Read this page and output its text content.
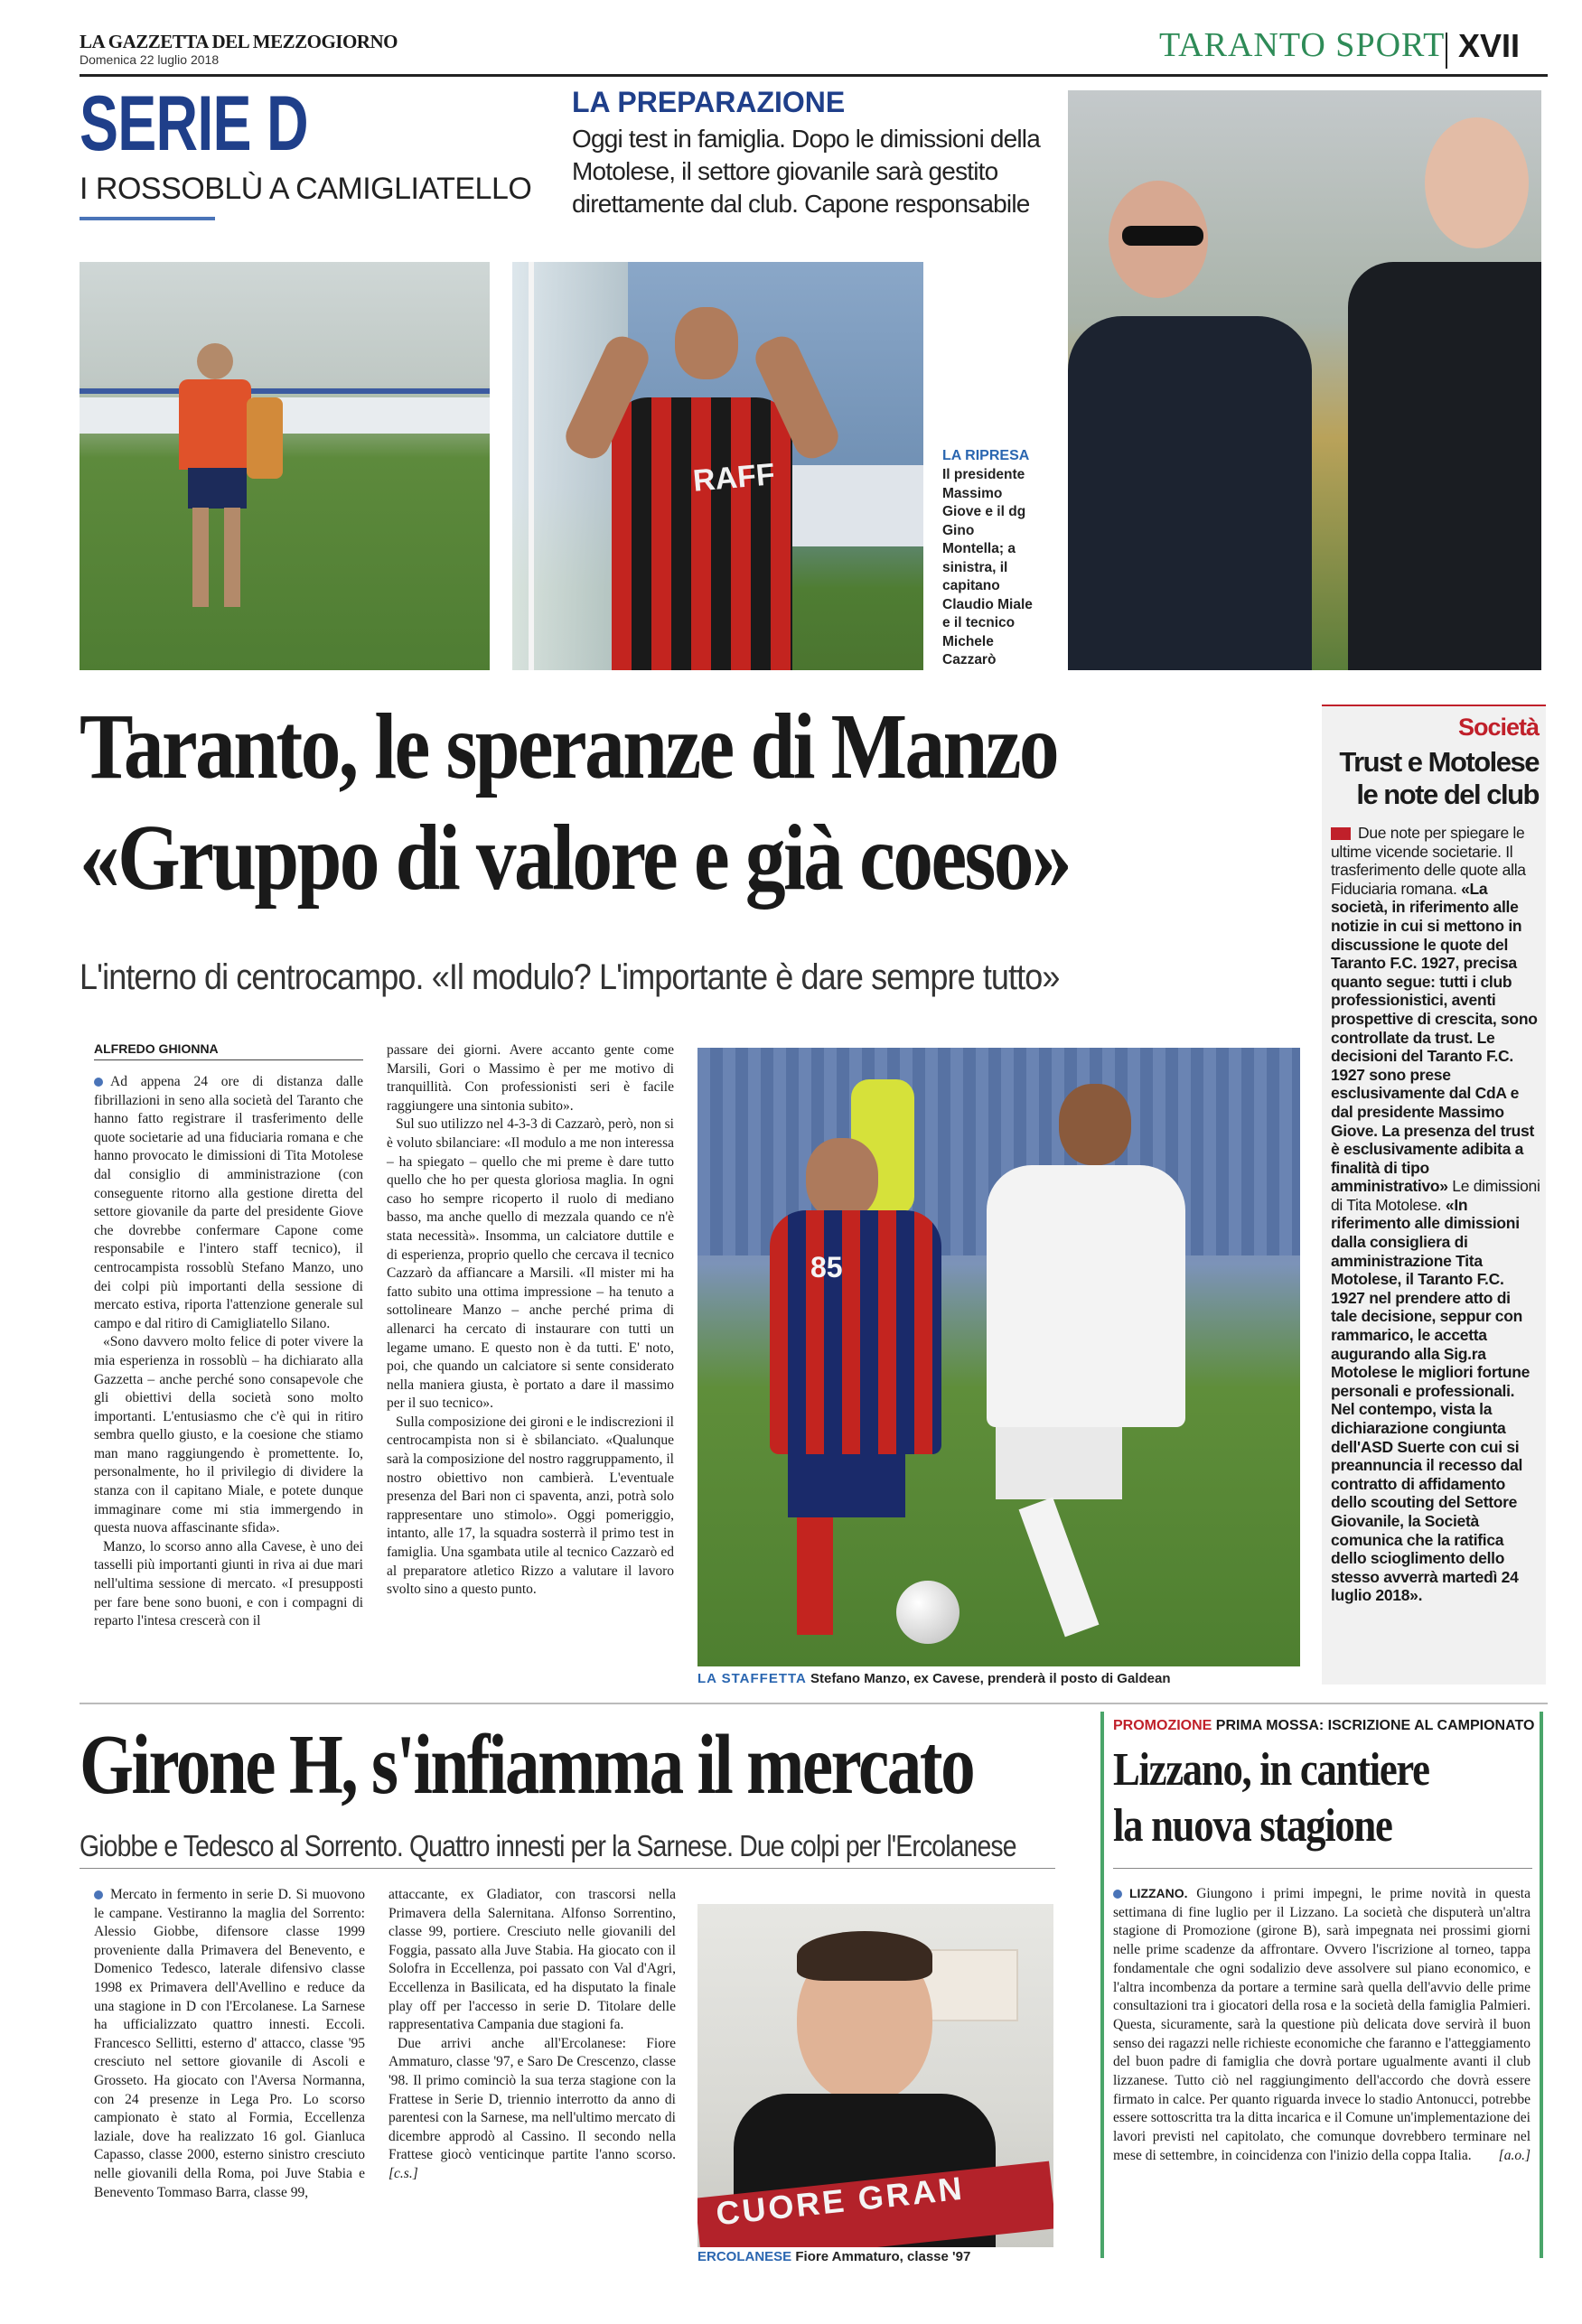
LA GAZZETTA DEL MEZZOGIORNO
Domenica 22 luglio 2018	TARANTO SPORT XVII
SERIE D
I ROSSOBLÙ A CAMIGLIATELLO
LA PREPARAZIONE
Oggi test in famiglia. Dopo le dimissioni della Motolese, il settore giovanile sarà gestito direttamente dal club. Capone responsabile
RAFF
LA RIPRESA
Il presidente
Massimo
Giove e il dg
Gino
Montella; a
sinistra, il
capitano
Claudio Miale
e il tecnico
Michele
Cazzarò
Taranto, le speranze di Manzo
«Gruppo di valore e già coeso»
L'interno di centrocampo. «Il modulo? L'importante è dare sempre tutto»
ALFREDO GHIONNA

Ad appena 24 ore di distanza dalle fibrillazioni in seno alla società del Taranto che hanno fatto registrare il trasferimento delle quote societarie ad una fiduciaria romana e che hanno provocato le dimissioni di Tita Motolese dal consiglio di amministrazione (con conseguente ritorno alla gestione diretta del settore giovanile da parte del presidente Giove che dovrebbe confermare Capone come responsabile e l'intero staff tecnico), il centrocampista rossoblù Stefano Manzo, uno dei colpi più importanti della sessione di mercato estiva, riporta l'attenzione generale sul campo e dal ritiro di Camigliatello Silano.

«Sono davvero molto felice di poter vivere la mia esperienza in rossoblù – ha dichiarato alla Gazzetta – anche perché sono consapevole che gli obiettivi della società sono molto importanti. L'entusiasmo che c'è qui in ritiro sembra quello giusto, e la coesione che stiamo man mano raggiungendo è promettente. Io, personalmente, ho il privilegio di dividere la stanza con il capitano Miale, e potete dunque immaginare come mi stia immergendo in questa nuova affascinante sfida».

Manzo, lo scorso anno alla Cavese, è uno dei tasselli più importanti giunti in riva ai due mari nell'ultima sessione di mercato. «I presupposti per fare bene sono buoni, e con i compagni di reparto l'intesa crescerà con il

passare dei giorni. Avere accanto gente come Marsili, Gori o Massimo è per me motivo di tranquillità. Con professionisti seri è facile raggiungere una sintonia subito».

Sul suo utilizzo nel 4-3-3 di Cazzarò, però, non si è voluto sbilanciare: «Il modulo a me non interessa – ha spiegato – quello che mi preme è dare tutto quello che ho per questa gloriosa maglia. In ogni caso ho sempre ricoperto il ruolo di mediano basso, ma anche quello di mezzala quando ce n'è stata necessità». Insomma, un calciatore duttile e di esperienza, proprio quello che cercava il tecnico Cazzarò da affiancare a Marsili. «Il mister mi ha fatto subito una ottima impressione – ha tenuto a sottolineare Manzo – anche perché prima di allenarci ha cercato di instaurare con tutti un legame umano. E questo non è da tutti. E' noto, poi, che quando un calciatore si sente considerato nella maniera giusta, è portato a dare il massimo per il suo tecnico».

Sulla composizione dei gironi e le indiscrezioni il centrocampista non si è sbilanciato. «Qualunque sarà la composizione del nostro raggruppamento, il nostro obiettivo non cambierà. L'eventuale presenza del Bari non ci spaventa, anzi, potrà solo rappresentare uno stimolo». Oggi pomeriggio, intanto, alle 17, la squadra sosterrà il primo test in famiglia. Una sgambata utile al tecnico Cazzarò ed al preparatore atletico Rizzo a valutare il lavoro svolto sino a questo punto.

85
LA STAFFETTA Stefano Manzo, ex Cavese, prenderà il posto di Galdean
Società
Trust e Motolese
le note del club
Due note per spiegare le ultime vicende societarie. Il trasferimento delle quote alla Fiduciaria romana. «La società, in riferimento alle notizie in cui si mettono in discussione le quote del Taranto F.C. 1927, precisa quanto segue: tutti i club professionistici, aventi prospettive di crescita, sono controllate da trust. Le decisioni del Taranto F.C. 1927 sono prese esclusivamente dal CdA e dal presidente Massimo Giove. La presenza del trust è esclusivamente adibita a finalità di tipo amministrativo» Le dimissioni di Tita Motolese. «In riferimento alle dimissioni dalla consigliera di amministrazione Tita Motolese, il Taranto F.C. 1927 nel prendere atto di tale decisione, seppur con rammarico, le accetta augurando alla Sig.ra Motolese le migliori fortune personali e professionali. Nel contempo, vista la dichiarazione congiunta dell'ASD Suerte con cui si preannuncia il recesso dal contratto di affidamento dello scouting del Settore Giovanile, la Società comunica che la ratifica dello scioglimento dello stesso avverrà martedì 24 luglio 2018».
Girone H, s'infiamma il mercato
Giobbe e Tedesco al Sorrento. Quattro innesti per la Sarnese. Due colpi per l'Ercolanese

Mercato in fermento in serie D. Si muovono le campane. Vestiranno la maglia del Sorrento: Alessio Giobbe, difensore classe 1999 proveniente dalla Primavera del Benevento, e Domenico Tedesco, laterale difensivo classe 1998 ex Primavera dell'Avellino e reduce da una stagione in D con l'Ercolanese. La Sarnese ha ufficializzato quattro innesti. Eccoli. Francesco Sellitti, esterno d' attacco, classe '95 cresciuto nel settore giovanile di Ascoli e Grosseto. Ha giocato con l'Aversa Normanna, con 24 presenze in Lega Pro. Lo scorso campionato è stato al Formia, Eccellenza laziale, dove ha realizzato 16 gol. Gianluca Capasso, classe 2000, esterno sinistro cresciuto nelle giovanili della Roma, poi Juve Stabia e Benevento Tommaso Barra, classe 99,

attaccante, ex Gladiator, con trascorsi nella Primavera della Salernitana. Alfonso Sorrentino, classe 99, portiere. Cresciuto nelle giovanili del Foggia, passato alla Juve Stabia. Ha giocato con il Solofra in Eccellenza, poi passato con Val d'Agri, Eccellenza in Basilicata, ed ha disputato la finale play off per l'accesso in serie D. Titolare delle rappresentativa Campania due stagioni fa.

Due arrivi anche all'Ercolanese: Fiore Ammaturo, classe '97, e Saro De Crescenzo, classe '98. Il primo cominciò la sua terza stagione con la Frattese in Serie D, triennio interrotto da anno di parentesi con la Sarnese, ma nell'ultimo mercato di dicembre approdò al Cassino. Il secondo nella Frattese giocò venticinque partite l'anno scorso. [c.s.]	CUORE GRAN
ERCOLANESE Fiore Ammaturo, classe '97
PROMOZIONE PRIMA MOSSA: ISCRIZIONE AL CAMPIONATO
Lizzano, in cantiere
la nuova stagione

LIZZANO. Giungono i primi impegni, le prime novità in questa settimana di fine luglio per il Lizzano. La società che disputerà un'altra stagione di Promozione (girone B), sarà impegnata nei prossimi giorni nelle prime scadenze da affrontare. Ovvero l'iscrizione al torneo, tappa fondamentale che ogni sodalizio deve assolvere sul piano economico, e l'altra incombenza da portare a termine sarà quella dell'avvio delle prime consultazioni tra i giocatori della rosa e la società della famiglia Palmieri. Questa, sicuramente, sarà la questione più delicata dove servirà il buon senso dei ragazzi nelle richieste economiche che faranno e l'atteggiamento del buon padre di famiglia che dovrà portare ugualmente avanti il club lizzanese. Tutto ciò nel raggiungimento dell'accordo che dovrà essere firmato in calce. Per quanto riguarda invece lo stadio Antonucci, potrebbe essere sottoscritta tra la ditta incarica e il Comune un'implementazione dei lavori previsti nel capitolato, che comunque dovrebbero terminare nel mese di settembre, in coincidenza con l'inizio della coppa Italia. [a.o.]
